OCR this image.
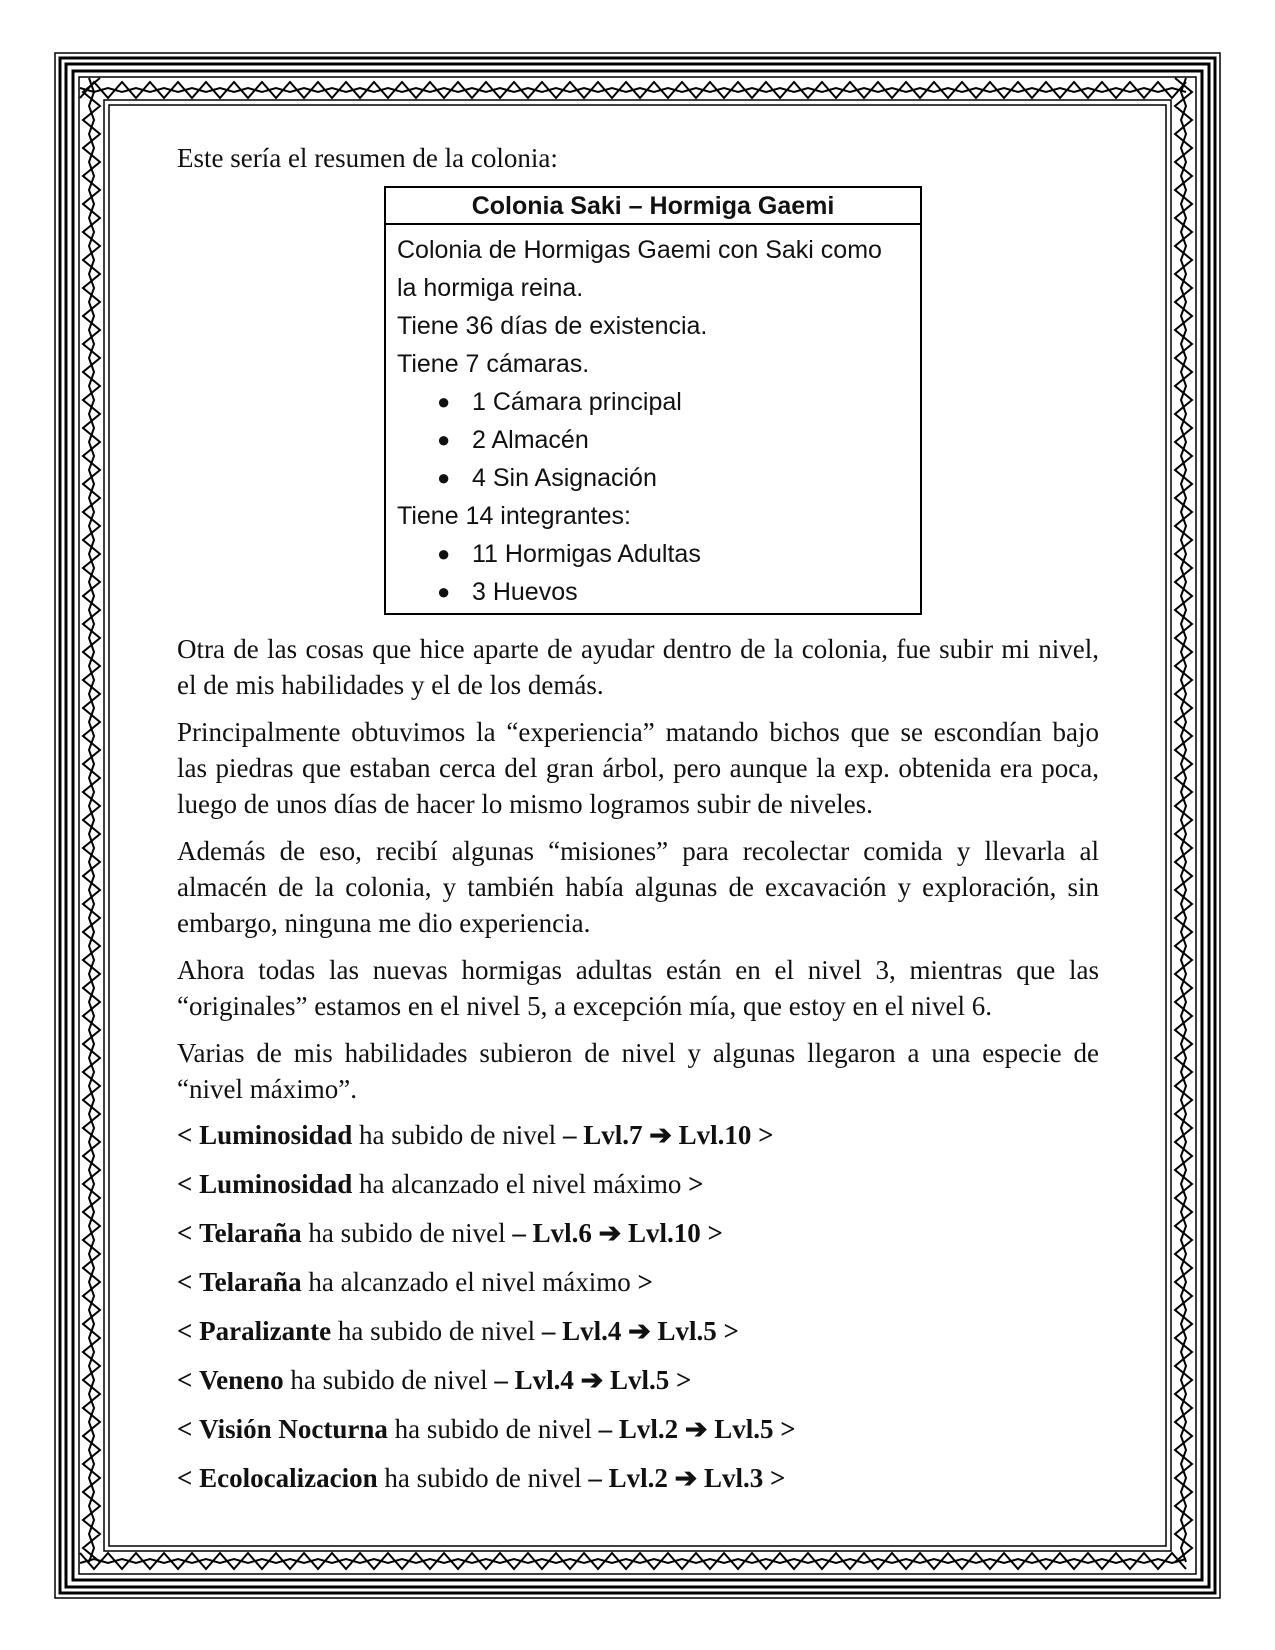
Este sería el resumen de la colonia:

Colonia Saki – Hormiga Gaemi
Colonia de Hormigas Gaemi con Saki como
la hormiga reina.
Tiene 36 días de existencia.
Tiene 7 cámaras.
● 1 Cámara principal
● 2 Almacén
● 4 Sin Asignación
Tiene 14 integrantes:
● 11 Hormigas Adultas
● 3 Huevos

Otra de las cosas que hice aparte de ayudar dentro de la colonia, fue subir mi nivel, el de mis habilidades y el de los demás.

Principalmente obtuvimos la “experiencia” matando bichos que se escondían bajo las piedras que estaban cerca del gran árbol, pero aunque la exp. obtenida era poca, luego de unos días de hacer lo mismo logramos subir de niveles.

Además de eso, recibí algunas “misiones” para recolectar comida y llevarla al almacén de la colonia, y también había algunas de excavación y exploración, sin embargo, ninguna me dio experiencia.

Ahora todas las nuevas hormigas adultas están en el nivel 3, mientras que las “originales” estamos en el nivel 5, a excepción mía, que estoy en el nivel 6.

Varias de mis habilidades subieron de nivel y algunas llegaron a una especie de “nivel máximo”.

< Luminosidad ha subido de nivel – Lvl.7 ➔ Lvl.10 >

< Luminosidad ha alcanzado el nivel máximo >

< Telaraña ha subido de nivel – Lvl.6 ➔ Lvl.10 >

< Telaraña ha alcanzado el nivel máximo >

< Paralizante ha subido de nivel – Lvl.4 ➔ Lvl.5 >

< Veneno ha subido de nivel – Lvl.4 ➔ Lvl.5 >

< Visión Nocturna ha subido de nivel – Lvl.2 ➔ Lvl.5 >

< Ecolocalizacion ha subido de nivel – Lvl.2 ➔ Lvl.3 >
